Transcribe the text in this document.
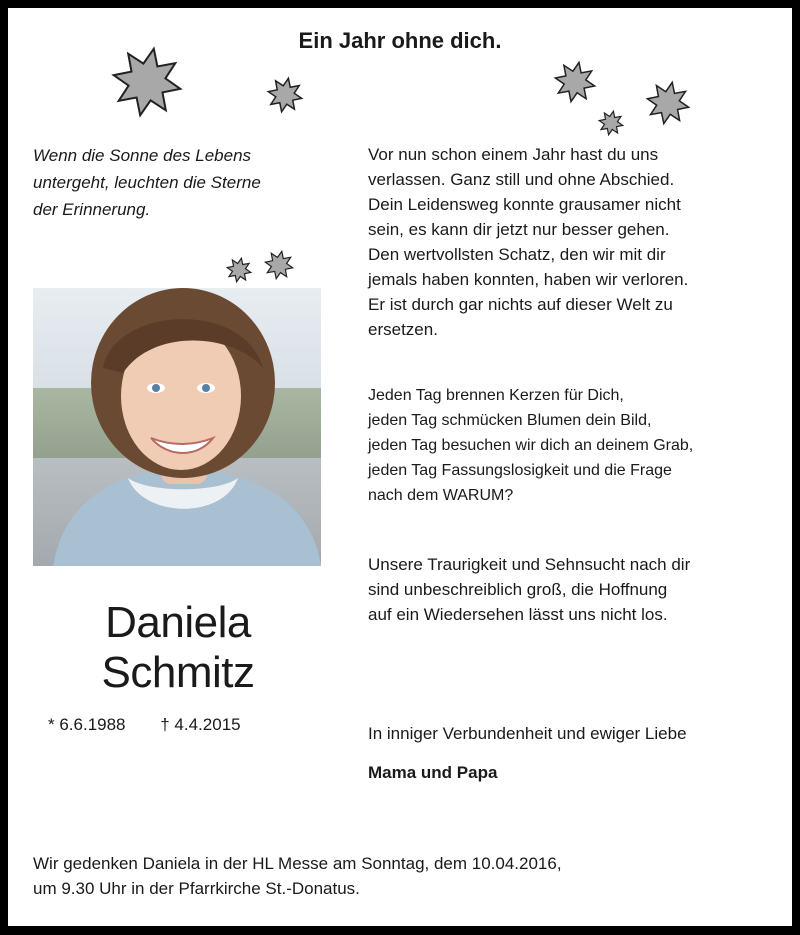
Ein Jahr ohne dich.
Wenn die Sonne des Lebens
untergeht, leuchten die Sterne
der Erinnerung.
Daniela
Schmitz
* 6.6.1988 † 4.4.2015
Vor nun schon einem Jahr hast du uns
verlassen. Ganz still und ohne Abschied.
Dein Leidensweg konnte grausamer nicht
sein, es kann dir jetzt nur besser gehen.
Den wertvollsten Schatz, den wir mit dir
jemals haben konnten, haben wir verloren.
Er ist durch gar nichts auf dieser Welt zu
ersetzen.
Jeden Tag brennen Kerzen für Dich,
jeden Tag schmücken Blumen dein Bild,
jeden Tag besuchen wir dich an deinem Grab,
jeden Tag Fassungslosigkeit und die Frage
nach dem WARUM?
Unsere Traurigkeit und Sehnsucht nach dir
sind unbeschreiblich groß, die Hoffnung
auf ein Wiedersehen lässt uns nicht los.
In inniger Verbundenheit und ewiger Liebe
Mama und Papa
Wir gedenken Daniela in der HL Messe am Sonntag, dem 10.04.2016,
um 9.30 Uhr in der Pfarrkirche St.-Donatus.
